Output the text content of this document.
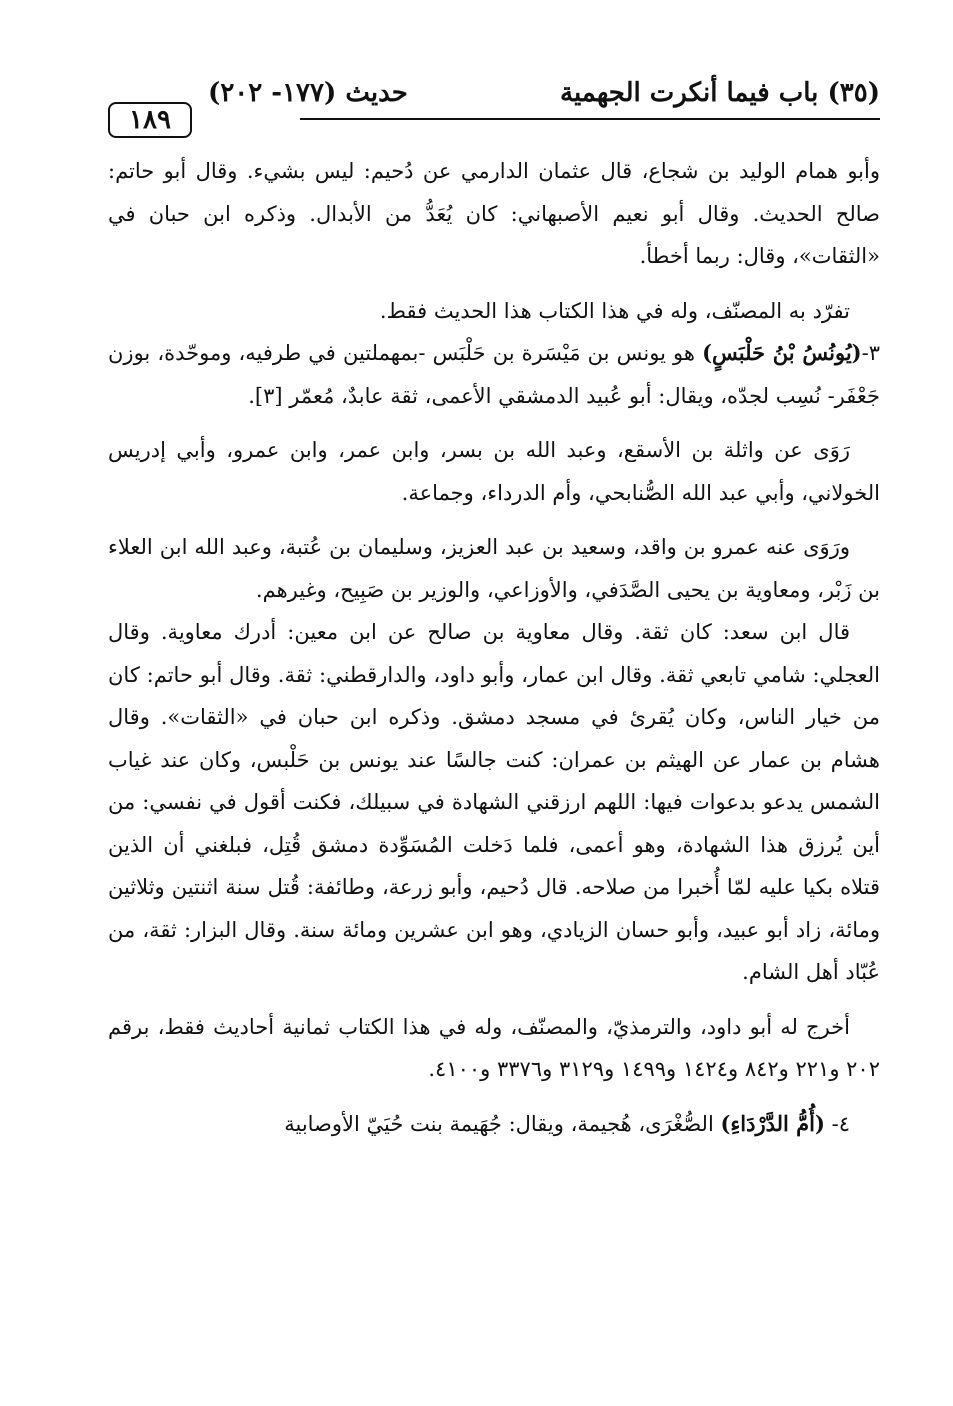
(٣٥) باب فيما أنكرت الجهمية
حديث (١٧٧- ٢٠٢)
١٨٩

وأبو همام الوليد بن شجاع، قال عثمان الدارمي عن دُحيم: ليس بشيء. وقال أبو حاتم: صالح الحديث. وقال أبو نعيم الأصبهاني: كان يُعَدُّ من الأبدال. وذكره ابن حبان في «الثقات»، وقال: ربما أخطأ.

تفرّد به المصنّف، وله في هذا الكتاب هذا الحديث فقط.

٣-(يُونُسُ بْنُ حَلْبَسٍ) هو يونس بن مَيْسَرة بن حَلْبَس -بمهملتين في طرفيه، وموحّدة، بوزن جَعْفَر- نُسِب لجدّه، ويقال: أبو عُبيد الدمشقي الأعمى، ثقة عابدٌ، مُعمّر [٣].

رَوَى عن واثلة بن الأسقع، وعبد الله بن بسر، وابن عمر، وابن عمرو، وأبي إدريس الخولاني، وأبي عبد الله الصُّنابحي، وأم الدرداء، وجماعة.

ورَوَى عنه عمرو بن واقد، وسعيد بن عبد العزيز، وسليمان بن عُتبة، وعبد الله ابن العلاء بن زَبْر، ومعاوية بن يحيى الصَّدَفي، والأوزاعي، والوزير بن صَبِيح، وغيرهم.

قال ابن سعد: كان ثقة. وقال معاوية بن صالح عن ابن معين: أدرك معاوية. وقال العجلي: شامي تابعي ثقة. وقال ابن عمار، وأبو داود، والدارقطني: ثقة. وقال أبو حاتم: كان من خيار الناس، وكان يُقرئ في مسجد دمشق. وذكره ابن حبان في «الثقات». وقال هشام بن عمار عن الهيثم بن عمران: كنت جالسًا عند يونس بن حَلْبس، وكان عند غياب الشمس يدعو بدعوات فيها: اللهم ارزقني الشهادة في سبيلك، فكنت أقول في نفسي: من أين يُرزق هذا الشهادة، وهو أعمى، فلما دَخلت المُسَوِّدة دمشق قُتِل، فبلغني أن الذين قتلاه بكيا عليه لمّا أُخبرا من صلاحه. قال دُحيم، وأبو زرعة، وطائفة: قُتل سنة اثنتين وثلاثين ومائة، زاد أبو عبيد، وأبو حسان الزيادي، وهو ابن عشرين ومائة سنة. وقال البزار: ثقة، من عُبّاد أهل الشام.

أخرج له أبو داود، والترمذيّ، والمصنّف، وله في هذا الكتاب ثمانية أحاديث فقط، برقم ٢٠٢ و٢٢١ و٨٤٢ و١٤٢٤ و١٤٩٩ و٣١٢٩ و٣٣٧٦ و٤١٠٠.

٤- (أُمُّ الدَّرْدَاءِ) الصُّغْرَى، هُجيمة، ويقال: جُهَيمة بنت حُيَيّ الأوصابية
